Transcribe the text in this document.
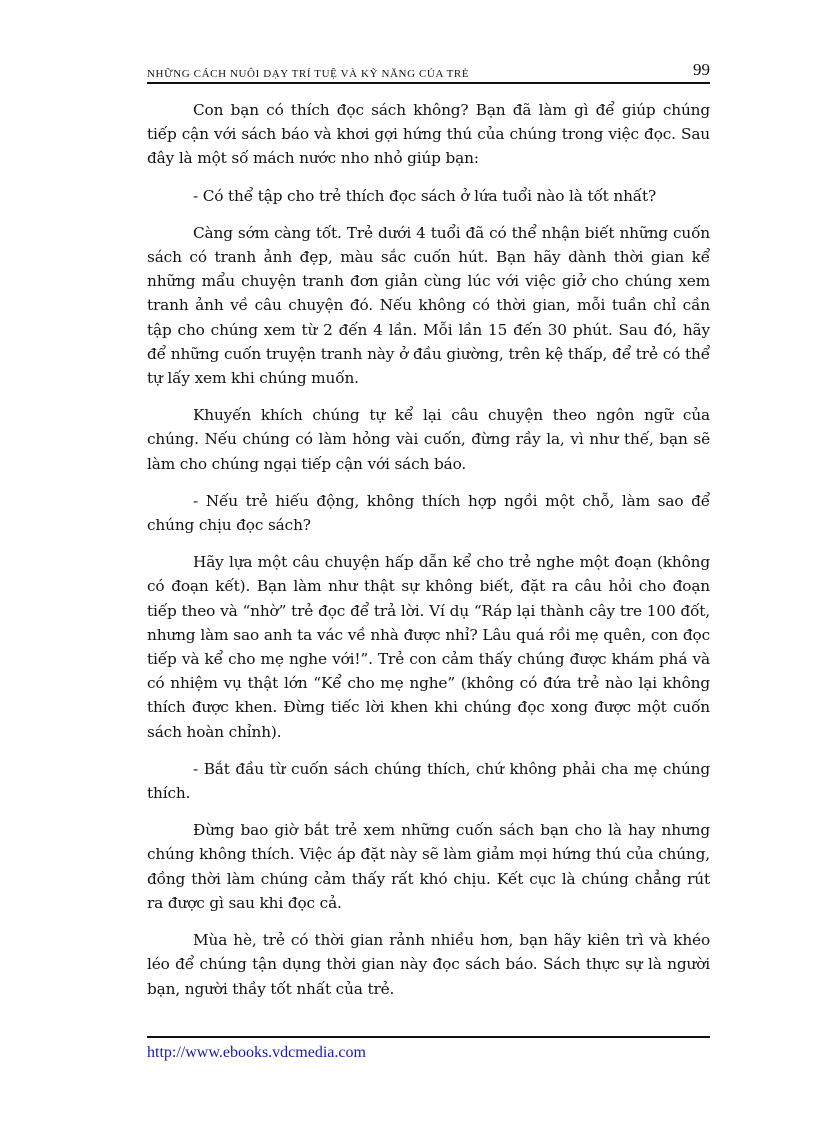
NHỮNG CÁCH NUÔI DẠY TRÍ TUỆ VÀ KỸ NĂNG CỦA TRẺ	99

Con bạn có thích đọc sách không? Bạn đã làm gì để giúp chúng tiếp cận với sách báo và khơi gợi hứng thú của chúng trong việc đọc. Sau đây là một số mách nước nho nhỏ giúp bạn:

- Có thể tập cho trẻ thích đọc sách ở lứa tuổi nào là tốt nhất?

Càng sớm càng tốt. Trẻ dưới 4 tuổi đã có thể nhận biết những cuốn sách có tranh ảnh đẹp, màu sắc cuốn hút. Bạn hãy dành thời gian kể những mẩu chuyện tranh đơn giản cùng lúc với việc giở cho chúng xem tranh ảnh về câu chuyện đó. Nếu không có thời gian, mỗi tuần chỉ cần tập cho chúng xem từ 2 đến 4 lần. Mỗi lần 15 đến 30 phút. Sau đó, hãy để những cuốn truyện tranh này ở đầu giường, trên kệ thấp, để trẻ có thể tự lấy xem khi chúng muốn.

Khuyến khích chúng tự kể lại câu chuyện theo ngôn ngữ của chúng. Nếu chúng có làm hỏng vài cuốn, đừng rầy la, vì như thế, bạn sẽ làm cho chúng ngại tiếp cận với sách báo.

- Nếu trẻ hiếu động, không thích hợp ngồi một chỗ, làm sao để chúng chịu đọc sách?

Hãy lựa một câu chuyện hấp dẫn kể cho trẻ nghe một đoạn (không có đoạn kết). Bạn làm như thật sự không biết, đặt ra câu hỏi cho đoạn tiếp theo và “nhờ” trẻ đọc để trả lời. Ví dụ “Ráp lại thành cây tre 100 đốt, nhưng làm sao anh ta vác về nhà được nhỉ? Lâu quá rồi mẹ quên, con đọc tiếp và kể cho mẹ nghe với!”. Trẻ con cảm thấy chúng được khám phá và có nhiệm vụ thật lớn “Kể cho mẹ nghe” (không có đứa trẻ nào lại không thích được khen. Đừng tiếc lời khen khi chúng đọc xong được một cuốn sách hoàn chỉnh).

- Bắt đầu từ cuốn sách chúng thích, chứ không phải cha mẹ chúng thích.

Đừng bao giờ bắt trẻ xem những cuốn sách bạn cho là hay nhưng chúng không thích. Việc áp đặt này sẽ làm giảm mọi hứng thú của chúng, đồng thời làm chúng cảm thấy rất khó chịu. Kết cục là chúng chẳng rút ra được gì sau khi đọc cả.

Mùa hè, trẻ có thời gian rảnh nhiều hơn, bạn hãy kiên trì và khéo léo để chúng tận dụng thời gian này đọc sách báo. Sách thực sự là người bạn, người thầy tốt nhất của trẻ.

http://www.ebooks.vdcmedia.com
